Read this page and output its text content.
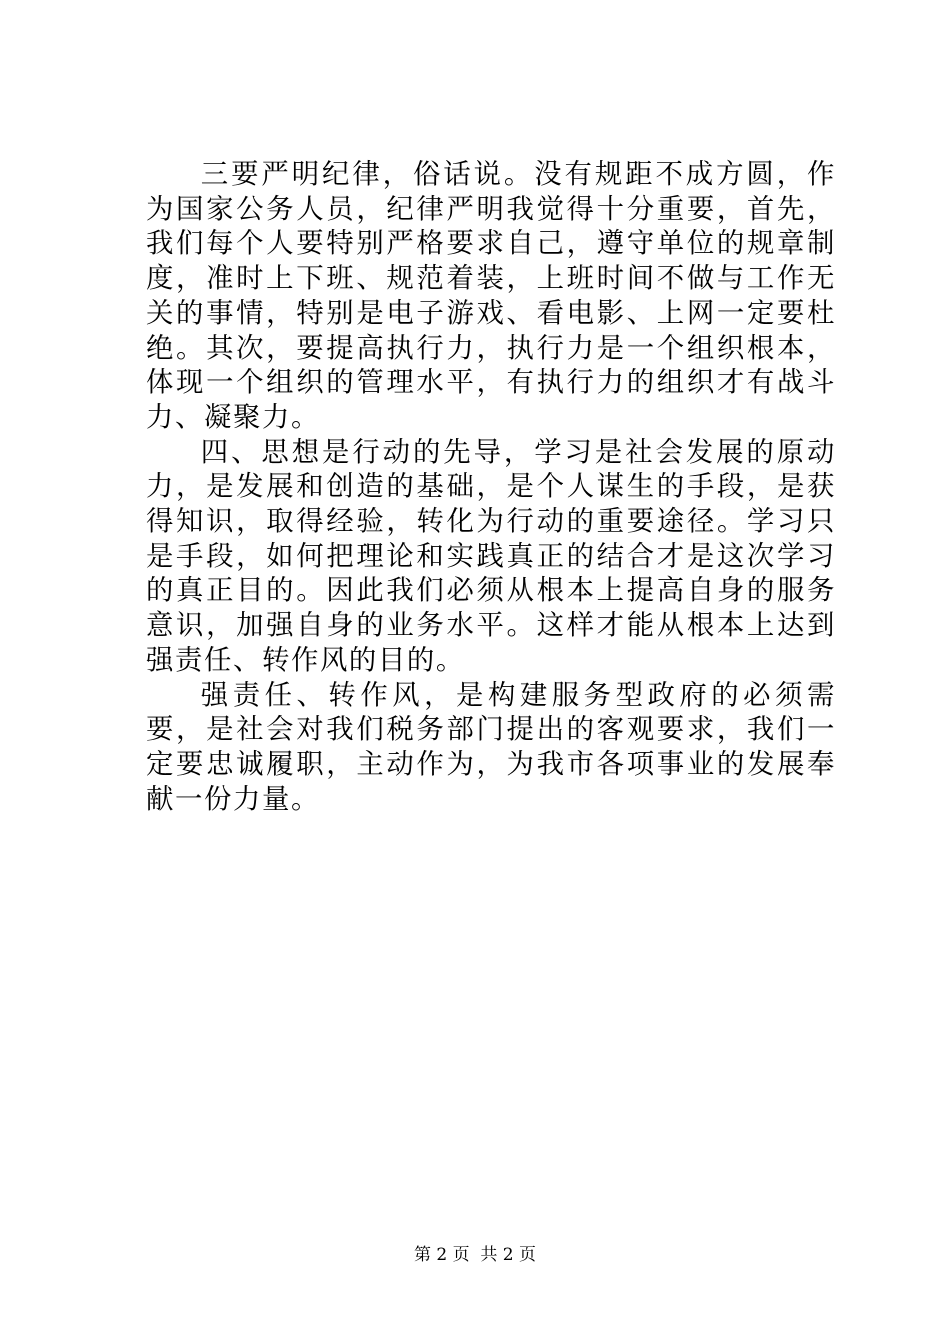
三要严明纪律，俗话说。没有规距不成方圆，作为国家公务人员，纪律严明我觉得十分重要，首先，我们每个人要特别严格要求自己，遵守单位的规章制度，准时上下班、规范着装，上班时间不做与工作无关的事情，特别是电子游戏、看电影、上网一定要杜绝。其次，要提高执行力，执行力是一个组织根本，体现一个组织的管理水平，有执行力的组织才有战斗力、凝聚力。

四、思想是行动的先导，学习是社会发展的原动力，是发展和创造的基础，是个人谋生的手段，是获得知识，取得经验，转化为行动的重要途径。学习只是手段，如何把理论和实践真正的结合才是这次学习的真正目的。因此我们必须从根本上提高自身的服务意识，加强自身的业务水平。这样才能从根本上达到强责任、转作风的目的。

强责任、转作风，是构建服务型政府的必须需要，是社会对我们税务部门提出的客观要求，我们一定要忠诚履职，主动作为，为我市各项事业的发展奉献一份力量。

第 2 页  共 2 页
